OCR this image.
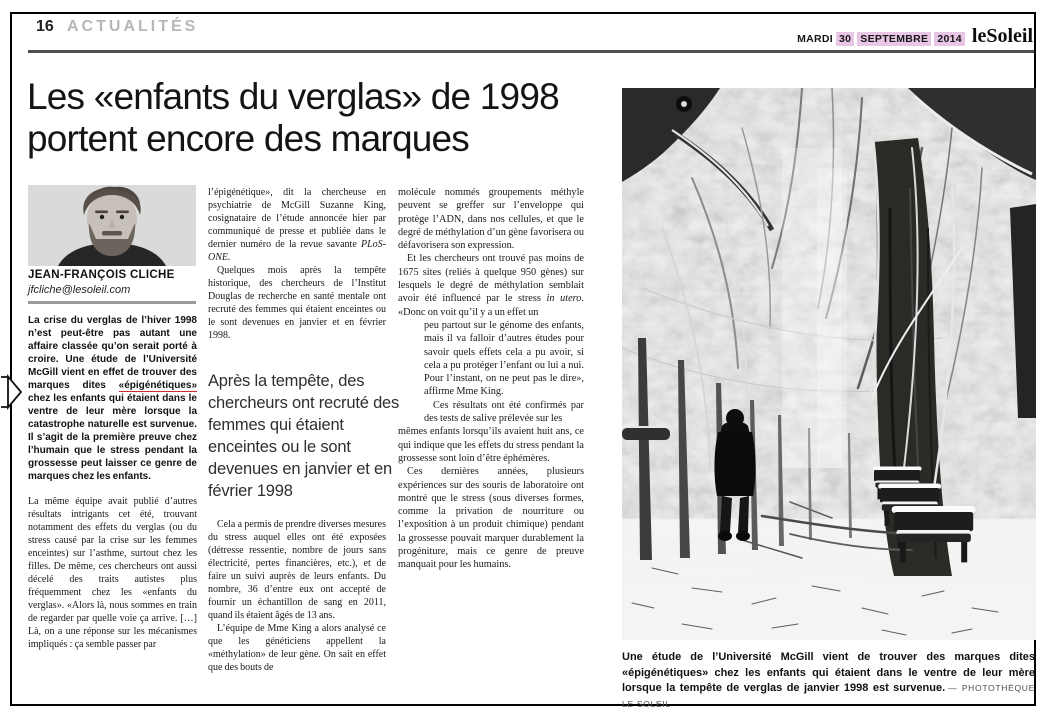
16 ACTUALITÉS
MARDI 30 SEPTEMBRE 2014 leSoleil
Les «enfants du verglas» de 1998 portent encore des marques
JEAN-FRANÇOIS CLICHE
jfcliche@lesoleil.com
La crise du verglas de l’hiver 1998 n’est peut-être pas autant une affaire classée qu’on serait porté à croire. Une étude de l’Université McGill vient en effet de trouver des marques dites «épigénétiques» chez les enfants qui étaient dans le ventre de leur mère lorsque la catastrophe naturelle est survenue. Il s’agit de la première preuve chez l’humain que le stress pendant la grossesse peut laisser ce genre de marques chez les enfants.
La même équipe avait publié d’autres résultats intrigants cet été, trouvant notamment des effets du verglas (ou du stress causé par la crise sur les femmes enceintes) sur l’asthme, surtout chez les filles. De même, ces chercheurs ont aussi décelé des traits autistes plus fréquemment chez les «enfants du verglas». «Alors là, nous sommes en train de regarder par quelle voie ça arrive. […] Là, on a une réponse sur les mécanismes impliqués : ça semble passer par

l’épigénétique», dit la chercheuse en psychiatrie de McGill Suzanne King, cosignataire de l’étude annoncée hier par communiqué de presse et publiée dans le dernier numéro de la revue savante PLoS-ONE.

Quelques mois après la tempête historique, des chercheurs de l’Institut Douglas de recherche en santé mentale ont recruté des femmes qui étaient enceintes ou le sont devenues en janvier et en février 1998.

Après la tempête, des chercheurs ont recruté des femmes qui étaient enceintes ou le sont devenues en janvier et en février 1998

Cela a permis de prendre diverses mesures du stress auquel elles ont été exposées (détresse ressentie, nombre de jours sans électricité, pertes financières, etc.), et de faire un suivi auprès de leurs enfants. Du nombre, 36 d’entre eux ont accepté de fournir un échantillon de sang en 2011, quand ils étaient âgés de 13 ans.

L’équipe de Mme King a alors analysé ce que les généticiens appellent la «méthylation» de leur gène. On sait en effet que des bouts de

molécule nommés groupements méthyle peuvent se greffer sur l’enveloppe qui protège l’ADN, dans nos cellules, et que le degré de méthylation d’un gène favorisera ou défavorisera son expression.

Et les chercheurs ont trouvé pas moins de 1675 sites (reliés à quelque 950 gènes) sur lesquels le degré de méthylation semblait avoir été influencé par le stress in utero. «Donc on voit qu’il y a un effet un

peu partout sur le génome des enfants, mais il va falloir d’autres études pour savoir quels effets cela a pu avoir, si cela a pu protéger l’enfant ou lui a nui. Pour l’instant, on ne peut pas le dire», affirme Mme King.

Ces résultats ont été confirmés par des tests de salive prélevée sur les

mêmes enfants lorsqu’ils avaient huit ans, ce qui indique que les effets du stress pendant la grossesse sont loin d’être éphémères.

Ces dernières années, plusieurs expériences sur des souris de laboratoire ont montré que le stress (sous diverses formes, comme la privation de nourriture ou l’exposition à un produit chimique) pendant la grossesse pouvait marquer durablement la progéniture, mais ce genre de preuve manquait pour les humains.

Une étude de l’Université McGill vient de trouver des marques dites «épigénétiques» chez les enfants qui étaient dans le ventre de leur mère lorsque la tempête de verglas de janvier 1998 est survenue. — PHOTOTHÈQUE LE SOLEIL
